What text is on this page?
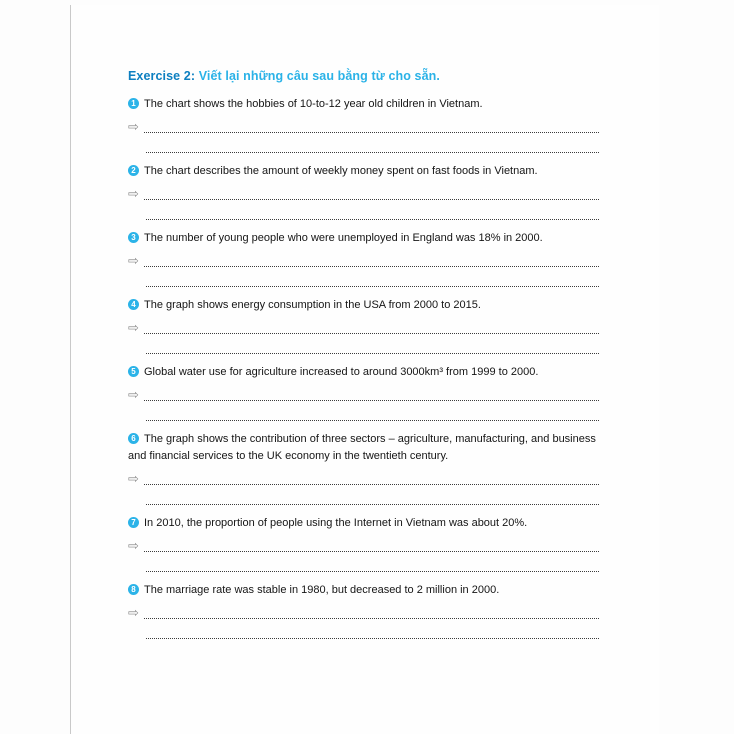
Exercise 2: Viết lại những câu sau bằng từ cho sẵn.
1 The chart shows the hobbies of 10-to-12 year old children in Vietnam.
⇨
2 The chart describes the amount of weekly money spent on fast foods in Vietnam.
⇨
3 The number of young people who were unemployed in England was 18% in 2000.
⇨
4 The graph shows energy consumption in the USA from 2000 to 2015.
⇨
5 Global water use for agriculture increased to around 3000km³ from 1999 to 2000.
⇨
6 The graph shows the contribution of three sectors – agriculture, manufacturing, and business and financial services to the UK economy in the twentieth century.
⇨
7 In 2010, the proportion of people using the Internet in Vietnam was about 20%.
⇨
8 The marriage rate was stable in 1980, but decreased to 2 million in 2000.
⇨
